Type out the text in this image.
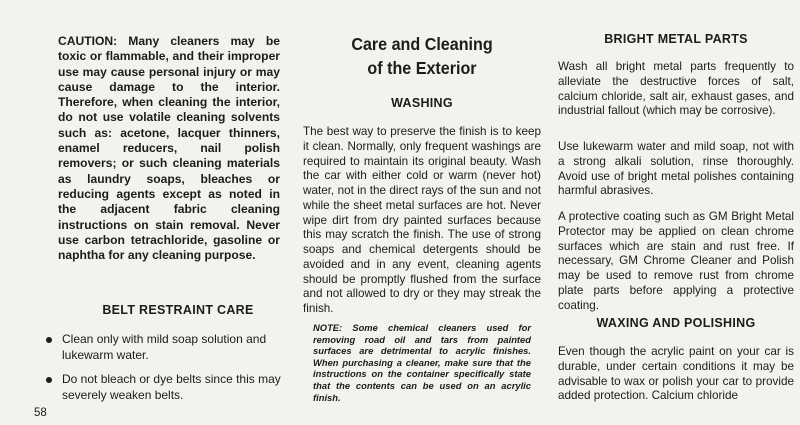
CAUTION: Many cleaners may be toxic or flammable, and their improper use may cause personal injury or may cause damage to the interior. Therefore, when cleaning the interior, do not use volatile cleaning solvents such as: acetone, lacquer thinners, enamel reducers, nail polish removers; or such cleaning materials as laundry soaps, bleaches or reducing agents except as noted in the adjacent fabric cleaning instructions on stain removal. Never use carbon tetrachloride, gasoline or naphtha for any cleaning purpose.

BELT RESTRAINT CARE
Clean only with mild soap solution and lukewarm water.
Do not bleach or dye belts since this may severely weaken belts.
58
Care and Cleaning
of the Exterior
WASHING

The best way to preserve the finish is to keep it clean. Normally, only frequent washings are required to maintain its original beauty. Wash the car with either cold or warm (never hot) water, not in the direct rays of the sun and not while the sheet metal surfaces are hot. Never wipe dirt from dry painted surfaces because this may scratch the finish. The use of strong soaps and chemical detergents should be avoided and in any event, cleaning agents should be promptly flushed from the surface and not allowed to dry or they may streak the finish.

NOTE: Some chemical cleaners used for removing road oil and tars from painted surfaces are detrimental to acrylic finishes. When purchasing a cleaner, make sure that the instructions on the container specifically state that the contents can be used on an acrylic finish.

BRIGHT METAL PARTS

Wash all bright metal parts frequently to alleviate the destructive forces of salt, calcium chloride, salt air, exhaust gases, and industrial fallout (which may be corrosive).

Use lukewarm water and mild soap, not with a strong alkali solution, rinse thoroughly. Avoid use of bright metal polishes containing harmful abrasives.

A protective coating such as GM Bright Metal Protector may be applied on clean chrome surfaces which are stain and rust free. If necessary, GM Chrome Cleaner and Polish may be used to remove rust from chrome plate parts before applying a protective coating.

WAXING AND POLISHING

Even though the acrylic paint on your car is durable, under certain conditions it may be advisable to wax or polish your car to provide added protection. Calcium chloride
